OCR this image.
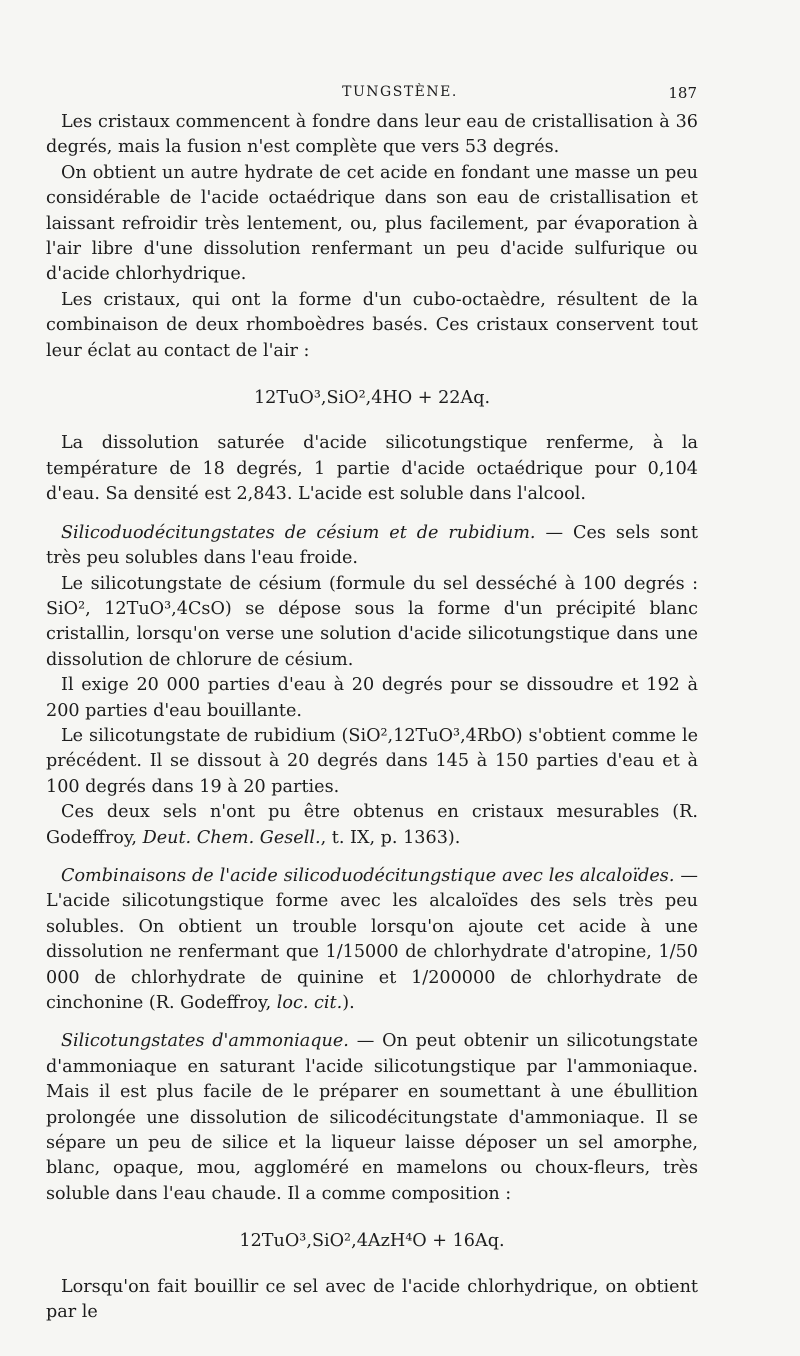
TUNGSTÈNE.	187

Les cristaux commencent à fondre dans leur eau de cristallisation à 36 degrés, mais la fusion n'est complète que vers 53 degrés.

On obtient un autre hydrate de cet acide en fondant une masse un peu considérable de l'acide octaédrique dans son eau de cristallisation et laissant refroidir très lentement, ou, plus facilement, par évaporation à l'air libre d'une dissolution renfermant un peu d'acide sulfurique ou d'acide chlorhydrique.

Les cristaux, qui ont la forme d'un cubo-octaèdre, résultent de la combinaison de deux rhomboèdres basés. Ces cristaux conservent tout leur éclat au contact de l'air :

12TuO³,SiO²,4HO + 22Aq.

La dissolution saturée d'acide silicotungstique renferme, à la température de 18 degrés, 1 partie d'acide octaédrique pour 0,104 d'eau. Sa densité est 2,843. L'acide est soluble dans l'alcool.

Silicoduodécitungstates de césium et de rubidium. — Ces sels sont très peu solubles dans l'eau froide.

Le silicotungstate de césium (formule du sel desséché à 100 degrés : SiO², 12TuO³,4CsO) se dépose sous la forme d'un précipité blanc cristallin, lorsqu'on verse une solution d'acide silicotungstique dans une dissolution de chlorure de césium.

Il exige 20 000 parties d'eau à 20 degrés pour se dissoudre et 192 à 200 parties d'eau bouillante.

Le silicotungstate de rubidium (SiO²,12TuO³,4RbO) s'obtient comme le précédent. Il se dissout à 20 degrés dans 145 à 150 parties d'eau et à 100 degrés dans 19 à 20 parties.

Ces deux sels n'ont pu être obtenus en cristaux mesurables (R. Godeffroy, Deut. Chem. Gesell., t. IX, p. 1363).

Combinaisons de l'acide silicoduodécitungstique avec les alcaloïdes. — L'acide silicotungstique forme avec les alcaloïdes des sels très peu solubles. On obtient un trouble lorsqu'on ajoute cet acide à une dissolution ne renfermant que 1/15000 de chlorhydrate d'atropine, 1/50 000 de chlorhydrate de quinine et 1/200000 de chlorhydrate de cinchonine (R. Godeffroy, loc. cit.).

Silicotungstates d'ammoniaque. — On peut obtenir un silicotungstate d'ammoniaque en saturant l'acide silicotungstique par l'ammoniaque. Mais il est plus facile de le préparer en soumettant à une ébullition prolongée une dissolution de silicodécitungstate d'ammoniaque. Il se sépare un peu de silice et la liqueur laisse déposer un sel amorphe, blanc, opaque, mou, aggloméré en mamelons ou choux-fleurs, très soluble dans l'eau chaude. Il a comme composition :

12TuO³,SiO²,4AzH⁴O + 16Aq.

Lorsqu'on fait bouillir ce sel avec de l'acide chlorhydrique, on obtient par le
